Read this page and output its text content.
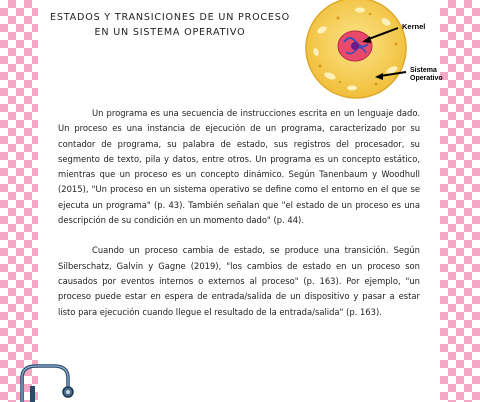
ESTADOS Y TRANSICIONES DE UN PROCESO
EN UN SISTEMA OPERATIVO
Kernel
Sistema
Operativo

Un programa es una secuencia de instrucciones escrita en un lenguaje dado. Un proceso es una instancia de ejecución de un programa, caracterizado por su contador de programa, su palabra de estado, sus registros del procesador, su segmento de texto, pila y datos, entre otros. Un programa es un concepto estático, mientras que un proceso es un concepto dinámico. Según Tanenbaum y Woodhull (2015), "Un proceso en un sistema operativo se define como el entorno en el que se ejecuta un programa" (p. 43). También señalan que "el estado de un proceso es una descripción de su condición en un momento dado" (p. 44).

Cuando un proceso cambia de estado, se produce una transición. Según Silberschatz, Galvin y Gagne (2019), "los cambios de estado en un proceso son causados por eventos internos o externos al proceso" (p. 163). Por ejemplo, "un proceso puede estar en espera de entrada/salida de un dispositivo y pasar a estar listo para ejecución cuando llegue el resultado de la entrada/salida" (p. 163).
